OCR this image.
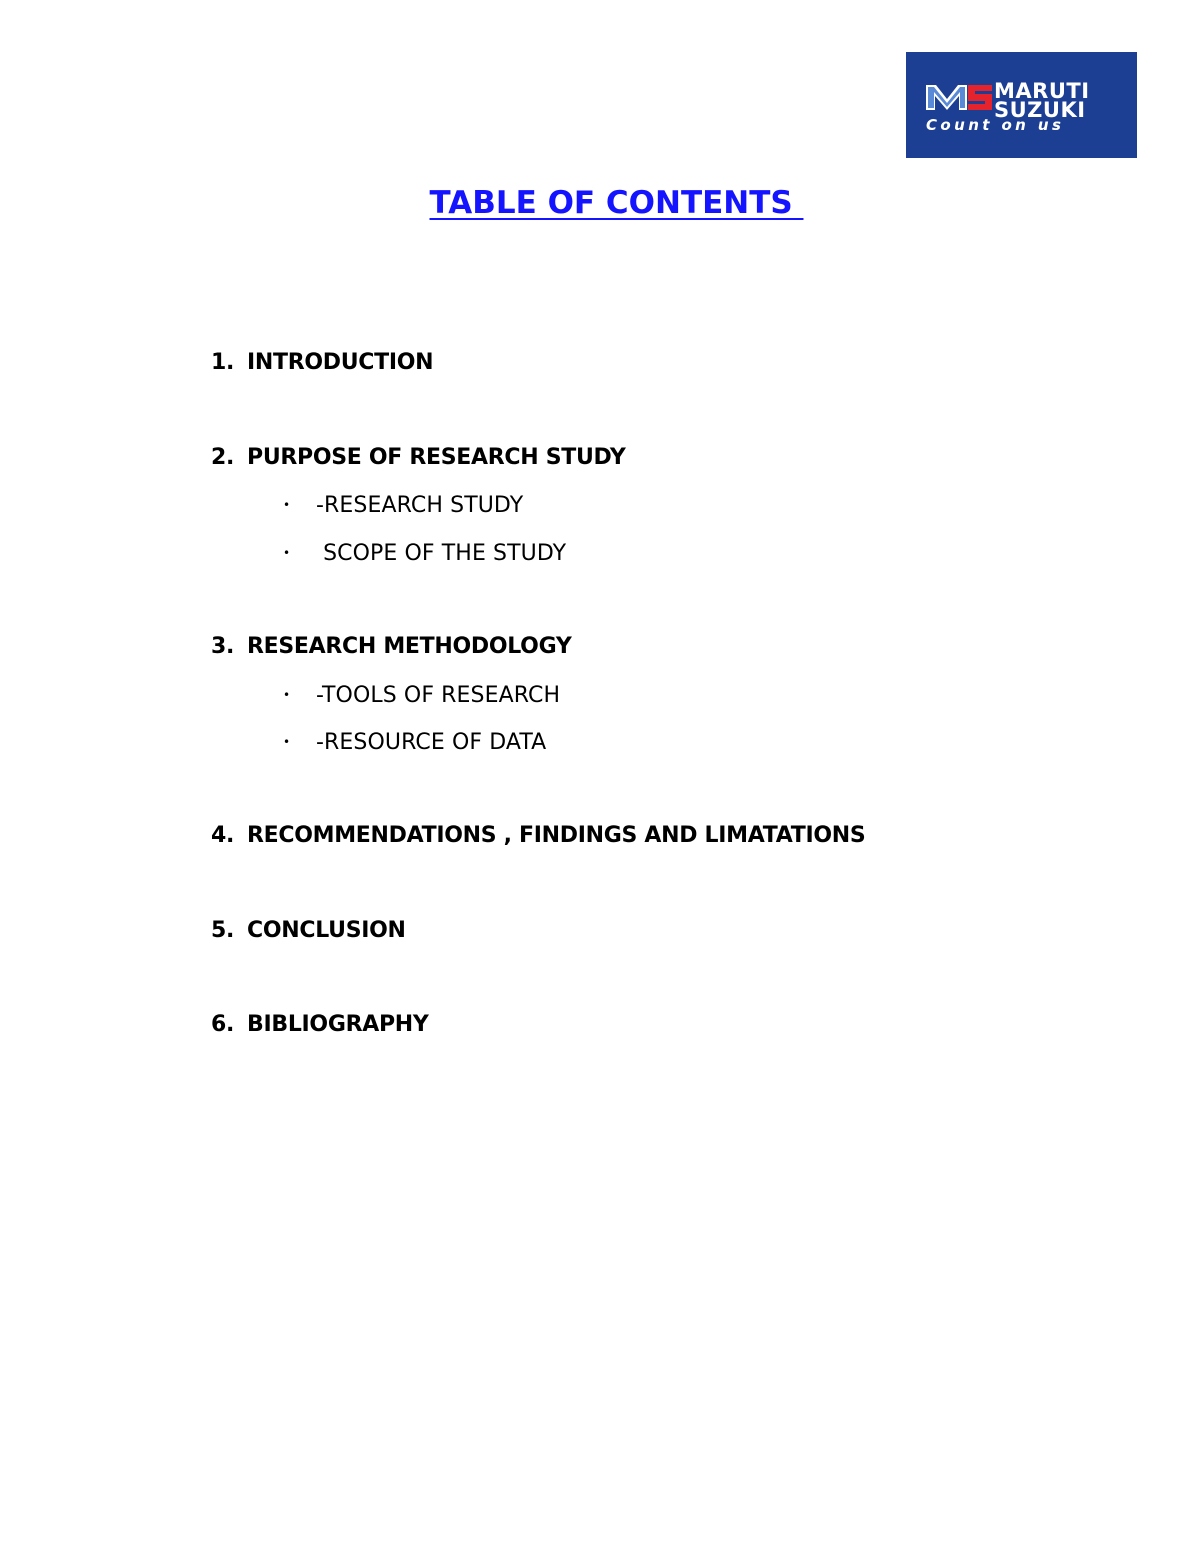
MARUTI
SUZUKI
Count on us
TABLE OF CONTENTS
1. INTRODUCTION
2. PURPOSE OF RESEARCH STUDY
• -RESEARCH STUDY
• SCOPE OF THE STUDY
3. RESEARCH METHODOLOGY
• -TOOLS OF RESEARCH
• -RESOURCE OF DATA
4. RECOMMENDATIONS , FINDINGS AND LIMATATIONS
5. CONCLUSION
6. BIBLIOGRAPHY
